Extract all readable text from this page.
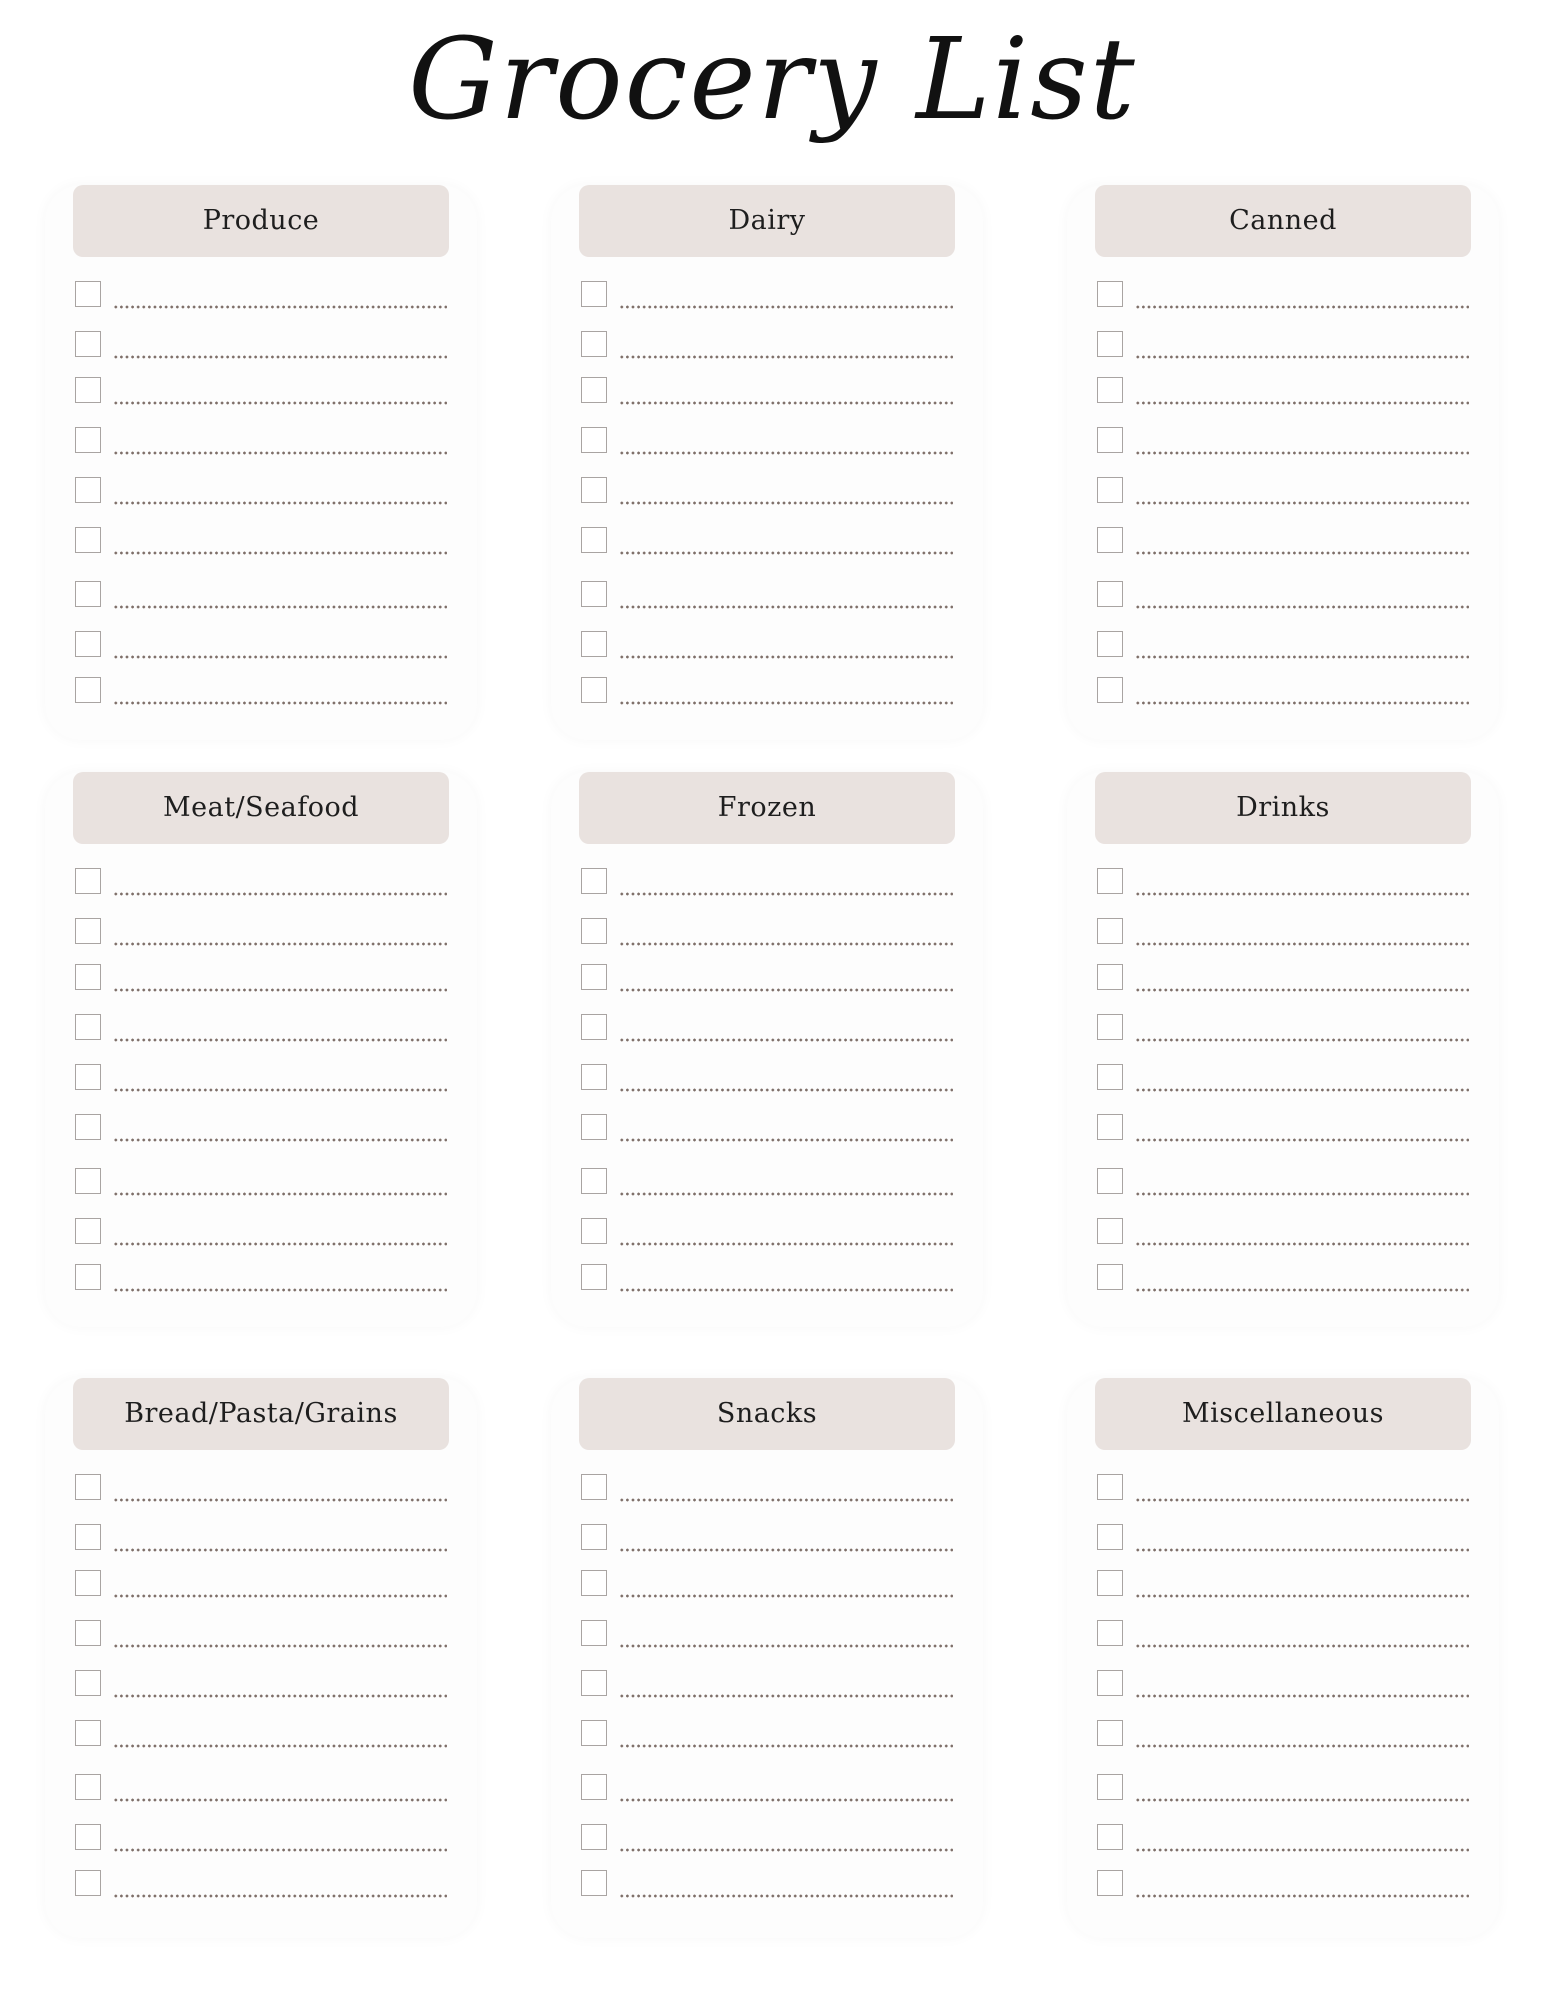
Grocery List
Produce	Dairy	Canned
Meat/Seafood	Frozen	Drinks
Bread/Pasta/Grains	Snacks	Miscellaneous
